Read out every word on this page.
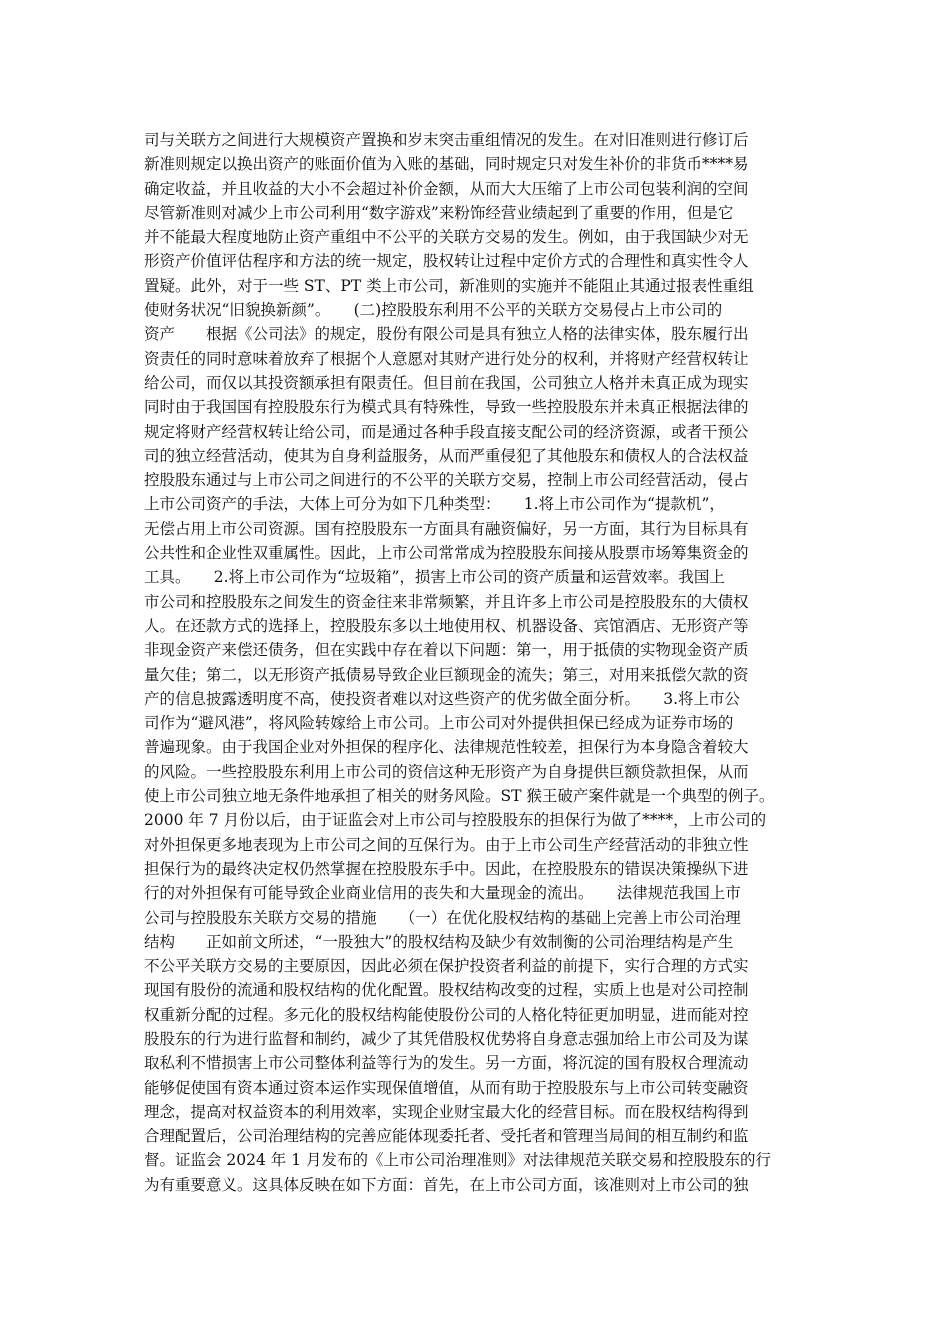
司与关联方之间进行大规模资产置换和岁末突击重组情况的发生。在对旧准则进行修订后
新准则规定以换出资产的账面价值为入账的基础，同时规定只对发生补价的非货币****易
确定收益，并且收益的大小不会超过补价金额，从而大大压缩了上市公司包装利润的空间
尽管新准则对减少上市公司利用“数字游戏”来粉饰经营业绩起到了重要的作用，但是它
并不能最大程度地防止资产重组中不公平的关联方交易的发生。例如，由于我国缺少对无
形资产价值评估程序和方法的统一规定，股权转让过程中定价方式的合理性和真实性令人
置疑。此外，对于一些 ST、PT 类上市公司，新准则的实施并不能阻止其通过报表性重组
使财务状况“旧貌换新颜”。　　(二)控股股东利用不公平的关联方交易侵占上市公司的
资产　　根据《公司法》的规定，股份有限公司是具有独立人格的法律实体，股东履行出
资责任的同时意味着放弃了根据个人意愿对其财产进行处分的权利，并将财产经营权转让
给公司，而仅以其投资额承担有限责任。但目前在我国，公司独立人格并未真正成为现实
同时由于我国国有控股股东行为模式具有特殊性，导致一些控股股东并未真正根据法律的
规定将财产经营权转让给公司，而是通过各种手段直接支配公司的经济资源，或者干预公
司的独立经营活动，使其为自身利益服务，从而严重侵犯了其他股东和债权人的合法权益
控股股东通过与上市公司之间进行的不公平的关联方交易，控制上市公司经营活动，侵占
上市公司资产的手法，大体上可分为如下几种类型：　　1.将上市公司作为“提款机”，
无偿占用上市公司资源。国有控股股东一方面具有融资偏好，另一方面，其行为目标具有
公共性和企业性双重属性。因此，上市公司常常成为控股股东间接从股票市场筹集资金的
工具。　　2.将上市公司作为“垃圾箱”，损害上市公司的资产质量和运营效率。我国上
市公司和控股股东之间发生的资金往来非常频繁，并且许多上市公司是控股股东的大债权
人。在还款方式的选择上，控股股东多以土地使用权、机器设备、宾馆酒店、无形资产等
非现金资产来偿还债务，但在实践中存在着以下问题：第一，用于抵债的实物现金资产质
量欠佳；第二，以无形资产抵债易导致企业巨额现金的流失；第三，对用来抵偿欠款的资
产的信息披露透明度不高，使投资者难以对这些资产的优劣做全面分析。　　3.将上市公
司作为“避风港”，将风险转嫁给上市公司。上市公司对外提供担保已经成为证券市场的
普遍现象。由于我国企业对外担保的程序化、法律规范性较差，担保行为本身隐含着较大
的风险。一些控股股东利用上市公司的资信这种无形资产为自身提供巨额贷款担保，从而
使上市公司独立地无条件地承担了相关的财务风险。ST 猴王破产案件就是一个典型的例子。
2000 年 7 月份以后，由于证监会对上市公司与控股股东的担保行为做了****，上市公司的
对外担保更多地表现为上市公司之间的互保行为。由于上市公司生产经营活动的非独立性
担保行为的最终决定权仍然掌握在控股股东手中。因此，在控股股东的错误决策操纵下进
行的对外担保有可能导致企业商业信用的丧失和大量现金的流出。　　法律规范我国上市
公司与控股股东关联方交易的措施　　（一）在优化股权结构的基础上完善上市公司治理
结构　　正如前文所述，“一股独大”的股权结构及缺少有效制衡的公司治理结构是产生
不公平关联方交易的主要原因，因此必须在保护投资者利益的前提下，实行合理的方式实
现国有股份的流通和股权结构的优化配置。股权结构改变的过程，实质上也是对公司控制
权重新分配的过程。多元化的股权结构能使股份公司的人格化特征更加明显，进而能对控
股股东的行为进行监督和制约，减少了其凭借股权优势将自身意志强加给上市公司及为谋
取私利不惜损害上市公司整体利益等行为的发生。另一方面，将沉淀的国有股权合理流动
能够促使国有资本通过资本运作实现保值增值，从而有助于控股股东与上市公司转变融资
理念，提高对权益资本的利用效率，实现企业财宝最大化的经营目标。而在股权结构得到
合理配置后，公司治理结构的完善应能体现委托者、受托者和管理当局间的相互制约和监
督。证监会 2024 年 1 月发布的《上市公司治理准则》对法律规范关联交易和控股股东的行
为有重要意义。这具体反映在如下方面：首先，在上市公司方面，该准则对上市公司的独
